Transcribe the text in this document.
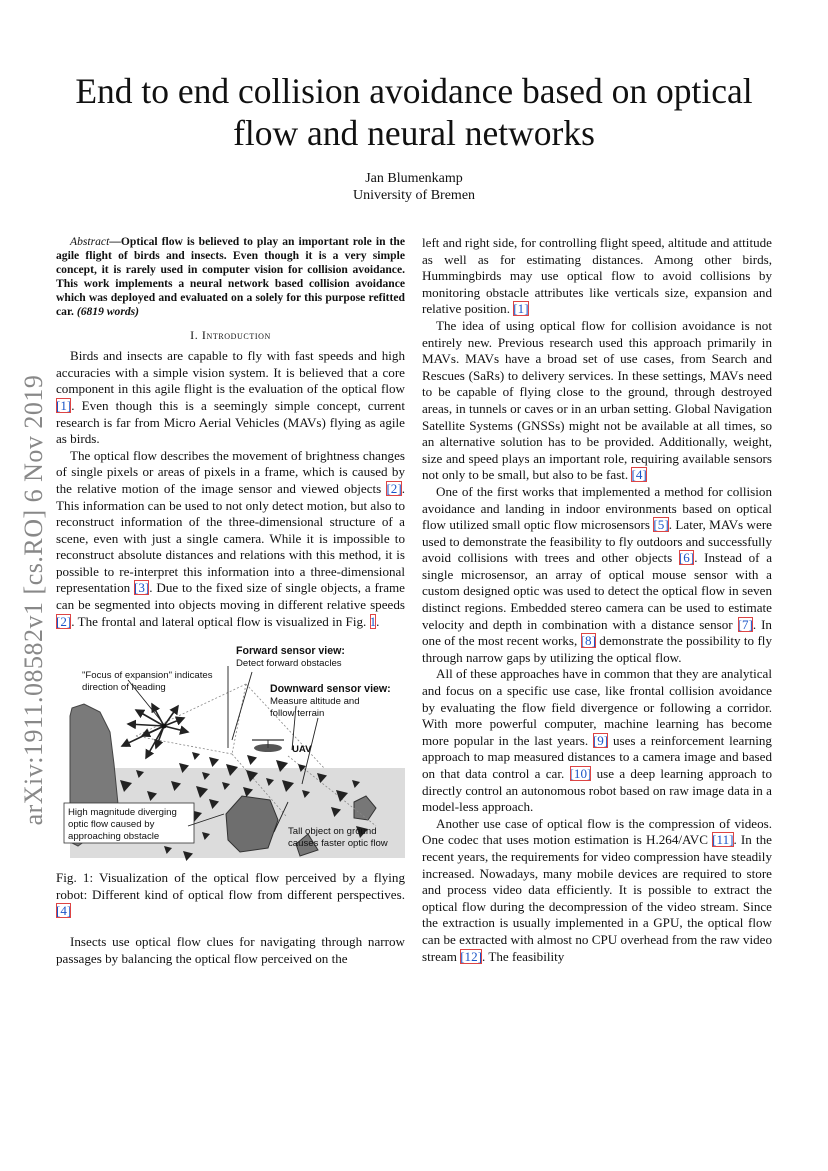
arXiv:1911.08582v1 [cs.RO] 6 Nov 2019
End to end collision avoidance based on optical
flow and neural networks
Jan Blumenkamp
University of Bremen

Abstract—Optical flow is believed to play an important role in the agile flight of birds and insects. Even though it is a very simple concept, it is rarely used in computer vision for collision avoidance. This work implements a neural network based collision avoidance which was deployed and evaluated on a solely for this purpose refitted car. (6819 words)

I. Introduction

Birds and insects are capable to fly with fast speeds and high accuracies with a simple vision system. It is believed that a core component in this agile flight is the evaluation of the optical flow [1]. Even though this is a seemingly simple concept, current research is far from Micro Aerial Vehicles (MAVs) flying as agile as birds.

The optical flow describes the movement of brightness changes of single pixels or areas of pixels in a frame, which is caused by the relative motion of the image sensor and viewed objects [2]. This information can be used to not only detect motion, but also to reconstruct information of the three-dimensional structure of a scene, even with just a single camera. While it is impossible to reconstruct absolute distances and relations with this method, it is possible to re-interpret this information into a three-dimensional representation [3]. Due to the fixed size of single objects, a frame can be segmented into objects moving in different relative speeds [2]. The frontal and lateral optical flow is visualized in Fig. 1.

Forward sensor view:
Detect forward obstacles
"Focus of expansion" indicates
direction of heading	Downward sensor view:
Measure altitude and
follow terrain
UAV
High magnitude diverging
optic flow caused by
approaching obstacle	Tall object on ground
causes faster optic flow

Fig. 1: Visualization of the optical flow perceived by a flying robot: Different kind of optical flow from different perspectives. [4]

Insects use optical flow clues for navigating through narrow passages by balancing the optical flow perceived on the

left and right side, for controlling flight speed, altitude and attitude as well as for estimating distances. Among other birds, Hummingbirds may use optical flow to avoid collisions by monitoring obstacle attributes like verticals size, expansion and relative position. [1]

The idea of using optical flow for collision avoidance is not entirely new. Previous research used this approach primarily in MAVs. MAVs have a broad set of use cases, from Search and Rescues (SaRs) to delivery services. In these settings, MAVs need to be capable of flying close to the ground, through destroyed areas, in tunnels or caves or in an urban setting. Global Navigation Satellite Systems (GNSSs) might not be available at all times, so an alternative solution has to be provided. Additionally, weight, size and speed plays an important role, requiring available sensors not only to be small, but also to be fast. [4]

One of the first works that implemented a method for collision avoidance and landing in indoor environments based on optical flow utilized small optic flow microsensors [5]. Later, MAVs were used to demonstrate the feasibility to fly outdoors and successfully avoid collisions with trees and other objects [6]. Instead of a single microsensor, an array of optical mouse sensor with a custom designed optic was used to detect the optical flow in seven distinct regions. Embedded stereo camera can be used to estimate velocity and depth in combination with a distance sensor [7]. In one of the most recent works, [8] demonstrate the possibility to fly through narrow gaps by utilizing the optical flow.

All of these approaches have in common that they are analytical and focus on a specific use case, like frontal collision avoidance by evaluating the flow field divergence or following a corridor. With more powerful computer, machine learning has become more popular in the last years. [9] uses a reinforcement learning approach to map measured distances to a camera image and based on that data control a car. [10] use a deep learning approach to directly control an autonomous robot based on raw image data in a model-less approach.

Another use case of optical flow is the compression of videos. One codec that uses motion estimation is H.264/AVC [11]. In the recent years, the requirements for video compression have steadily increased. Nowadays, many mobile devices are required to store and process video data efficiently. It is possible to extract the optical flow during the decompression of the video stream. Since the extraction is usually implemented in a GPU, the optical flow can be extracted with almost no CPU overhead from the raw video stream [12]. The feasibility
